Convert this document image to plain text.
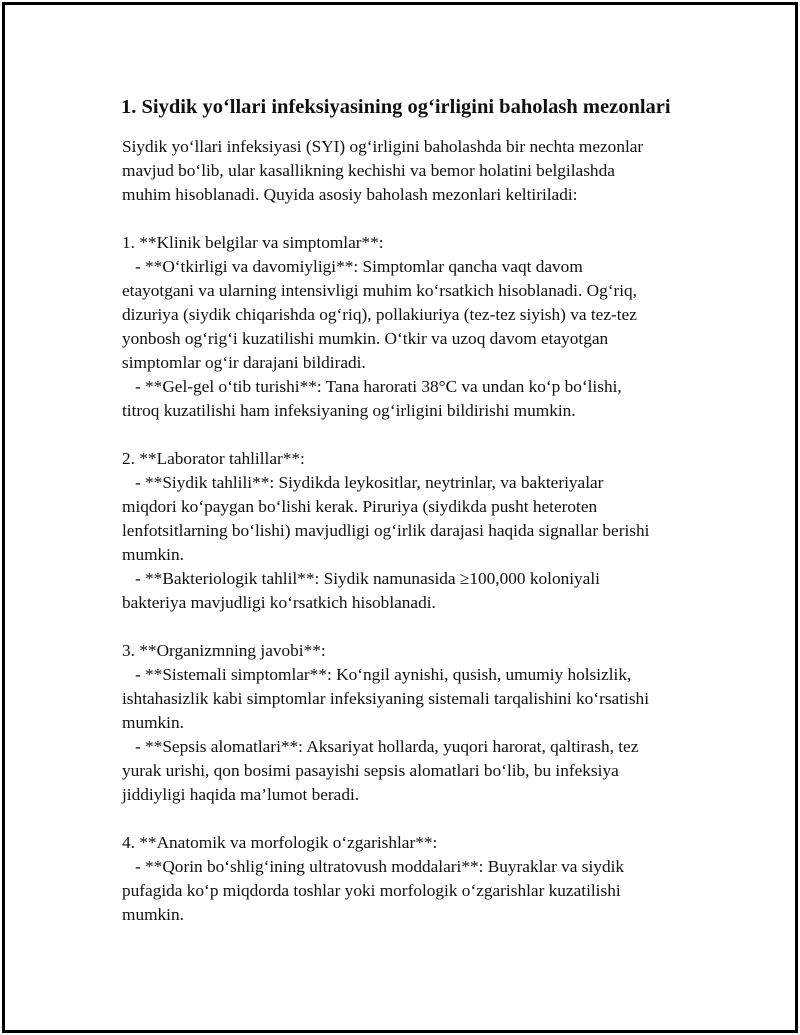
1. Siydik yo‘llari infeksiyasining og‘irligini baholash mezonlari
Siydik yo‘llari infeksiyasi (SYI) og‘irligini baholashda bir nechta mezonlar
mavjud bo‘lib, ular kasallikning kechishi va bemor holatini belgilashda
muhim hisoblanadi. Quyida asosiy baholash mezonlari keltiriladi:
1. **Klinik belgilar va simptomlar**:
- **O‘tkirligi va davomiyligi**: Simptomlar qancha vaqt davom
etayotgani va ularning intensivligi muhim ko‘rsatkich hisoblanadi. Og‘riq,
dizuriya (siydik chiqarishda og‘riq), pollakiuriya (tez-tez siyish) va tez-tez
yonbosh og‘rig‘i kuzatilishi mumkin. O‘tkir va uzoq davom etayotgan
simptomlar og‘ir darajani bildiradi.
- **Gel-gel o‘tib turishi**: Tana harorati 38°C va undan ko‘p bo‘lishi,
titroq kuzatilishi ham infeksiyaning og‘irligini bildirishi mumkin.
2. **Laborator tahlillar**:
- **Siydik tahlili**: Siydikda leykositlar, neytrinlar, va bakteriyalar
miqdori ko‘paygan bo‘lishi kerak. Piruriya (siydikda pusht heteroten
lenfotsitlarning bo‘lishi) mavjudligi og‘irlik darajasi haqida signallar berishi
mumkin.
- **Bakteriologik tahlil**: Siydik namunasida ≥100,000 koloniyali
bakteriya mavjudligi ko‘rsatkich hisoblanadi.
3. **Organizmning javobi**:
- **Sistemali simptomlar**: Ko‘ngil aynishi, qusish, umumiy holsizlik,
ishtahasizlik kabi simptomlar infeksiyaning sistemali tarqalishini ko‘rsatishi
mumkin.
- **Sepsis alomatlari**: Aksariyat hollarda, yuqori harorat, qaltirash, tez
yurak urishi, qon bosimi pasayishi sepsis alomatlari bo‘lib, bu infeksiya
jiddiyligi haqida ma’lumot beradi.
4. **Anatomik va morfologik o‘zgarishlar**:
- **Qorin bo‘shlig‘ining ultratovush moddalari**: Buyraklar va siydik
pufagida ko‘p miqdorda toshlar yoki morfologik o‘zgarishlar kuzatilishi
mumkin.
